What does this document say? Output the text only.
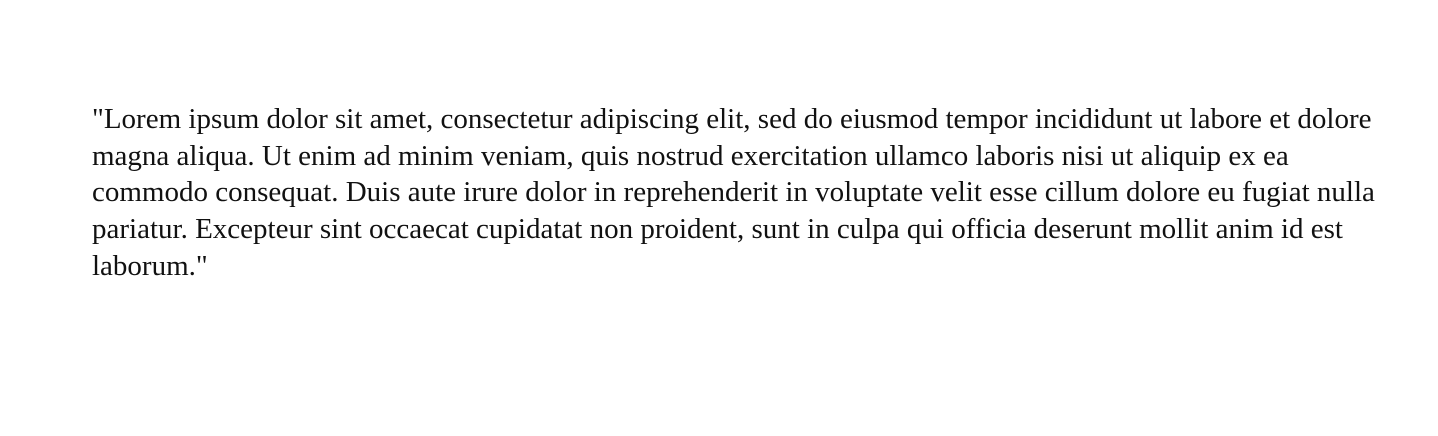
"Lorem ipsum dolor sit amet, consectetur adipiscing elit, sed do eiusmod tempor incididunt ut labore et dolore magna aliqua. Ut enim ad minim veniam, quis nostrud exercitation ullamco laboris nisi ut aliquip ex ea commodo consequat. Duis aute irure dolor in reprehenderit in voluptate velit esse cillum dolore eu fugiat nulla pariatur. Excepteur sint occaecat cupidatat non proident, sunt in culpa qui officia deserunt mollit anim id est laborum."
